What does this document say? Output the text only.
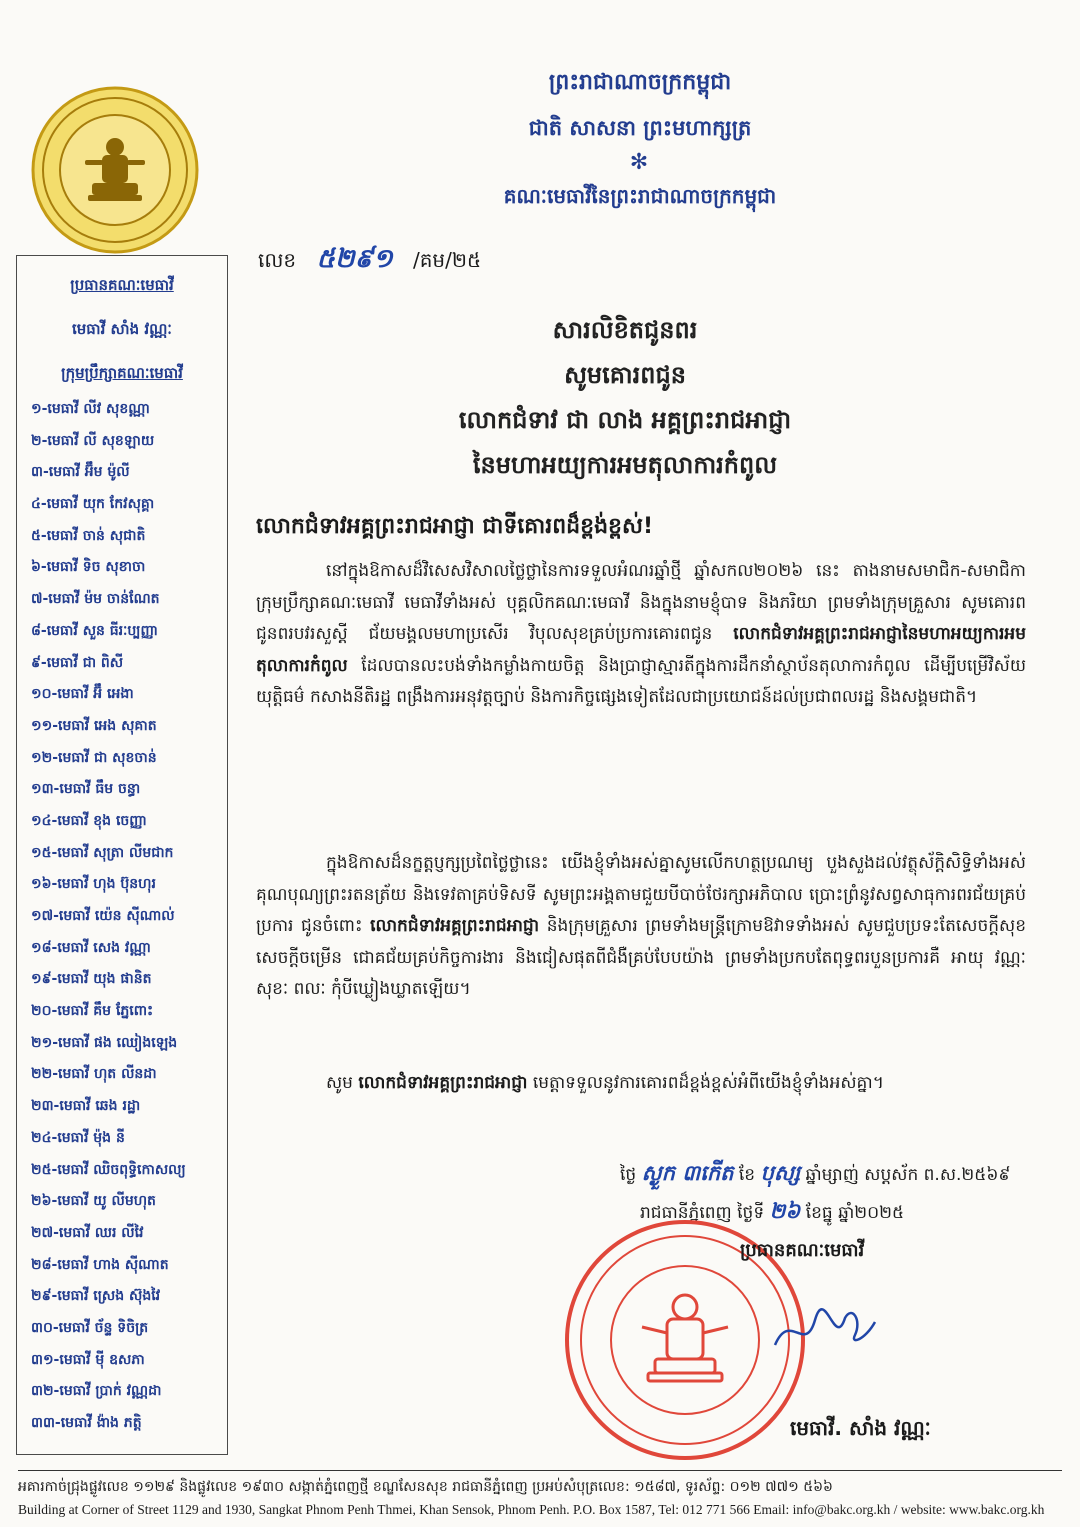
ព្រះរាជាណាចក្រកម្ពុជា
ជាតិ សាសនា ព្រះមហាក្សត្រ
✻
គណៈមេធាវីនៃព្រះរាជាណាចក្រកម្ពុជា
ប្រធានគណៈមេធាវី
មេធាវី សាំង វណ្ណៈ
ក្រុមប្រឹក្សាគណៈមេធាវី
១-មេធាវី លីវ សុខណ្ណា
២-មេធាវី លី សុខឡាយ
៣-មេធាវី អ៊ឹម ម៉ូលី
៤-មេធាវី យុក កែវសុគ្គា
៥-មេធាវី ចាន់ សុជាតិ
៦-មេធាវី ទិច សុខាចា
៧-មេធាវី ម៉ម ចាន់ណែត
៨-មេធាវី សួន ធីរៈប្បញ្ញា
៩-មេធាវី ជា ពិសី
១០-មេធាវី អ៊ឹ អេងា
១១-មេធាវី អេង សុគាត
១២-មេធាវី ជា សុខចាន់
១៣-មេធាវី ធឹម ចន្ធា
១៤-មេធាវី ខុង ចេញ្ញា
១៥-មេធាវី សុត្រា លីមជាក
១៦-មេធាវី ហុង ប៊ុនហុរ
១៧-មេធាវី យ៉េន ស៊ីណាល់
១៨-មេធាវី សេង វណ្ណា
១៩-មេធាវី យុង ផានិត
២០-មេធាវី គឹម ភ្នែពោះ
២១-មេធាវី ផង ឈៀងឡេង
២២-មេធាវី ហុត លីនដា
២៣-មេធាវី ឆេង រដ្ឋា
២៤-មេធាវី ម៉ុង នី
២៥-មេធាវី ឈិចពុទ្ធិកោសល្យ
២៦-មេធាវី យូ លីមហុត
២៧-មេធាវី ឈរ លីវៃ
២៨-មេធាវី ហាង ស៊ីណាត
២៩-មេធាវី ស្រេង ស៊ុងវៃ
៣០-មេធាវី ច័ន្ទ ទិចិត្រ
៣១-មេធាវី ម៉ី ឧសភា
៣២-មេធាវី ប្រាក់ វណ្ណដា
៣៣-មេធាវី ង៉ាង ភត្តិ
លេខ ៥២៩១ /គម/២៥
សារលិខិតជូនពរ
សូមគោរពជូន
លោកជំទាវ ជា លាង អគ្គព្រះរាជអាជ្ញា
នៃមហាអយ្យការអមតុលាការកំពូល
លោកជំទាវអគ្គព្រះរាជអាជ្ញា ជាទីគោរពដ៏ខ្ពង់ខ្ពស់!
នៅក្នុងឱកាសដ៏វិសេសវិសាលថ្លៃថ្លានៃការទទួលអំណរឆ្នាំថ្មី ឆ្នាំសកល២០២៦ នេះ តាងនាមសមាជិក-សមាជិកាក្រុមប្រឹក្សាគណៈមេធាវី មេធាវីទាំងអស់ បុគ្គលិកគណៈមេធាវី និងក្នុងនាមខ្ញុំបាទ និងភរិយា ព្រមទាំងក្រុមគ្រួសារ សូមគោរពជូនពរបវរសួស្តី ជ័យមង្គលមហាប្រសើរ វិបុលសុខគ្រប់ប្រការគោរពជូន លោកជំទាវអគ្គព្រះរាជអាជ្ញានៃមហាអយ្យការអមតុលាការកំពូល ដែលបានលះបង់ទាំងកម្លាំងកាយចិត្ត និងប្រាជ្ញាស្មារតីក្នុងការដឹកនាំស្ថាប័នតុលាការកំពូល ដើម្បីបម្រើវិស័យយុត្តិធម៌ កសាងនីតិរដ្ឋ ពង្រឹងការអនុវត្តច្បាប់ និងការកិច្ចផ្សេងទៀតដែលជាប្រយោជន៍ដល់ប្រជាពលរដ្ឋ និងសង្គមជាតិ។
ក្នុងឱកាសដ៏នក្ខត្តប្ញក្សប្រពៃថ្លៃថ្លានេះ យើងខ្ញុំទាំងអស់គ្នាសូមលើកហត្ថប្រណម្យ បួងសួងដល់វត្ថុស័ក្តិសិទ្ធិទាំងអស់ គុណបុណ្យព្រះរតនត្រ័យ និងទេវតាគ្រប់ទិសទី សូមព្រះអង្គតាមជួយបីបាច់ថែរក្សាអភិបាល ប្រោះព្រំនូវសព្វសាធុការពរជ័យគ្រប់ប្រការ ជូនចំពោះ លោកជំទាវអគ្គព្រះរាជអាជ្ញា និងក្រុមគ្រួសារ ព្រមទាំងមន្ត្រីក្រោមឱវាទទាំងអស់ សូមជួបប្រទះតែសេចក្តីសុខ សេចក្តីចម្រើន ជោគជ័យគ្រប់កិច្ចការងារ និងជៀសផុតពីជំងឺគ្រប់បែបយ៉ាង ព្រមទាំងប្រកបតែពុទ្ធពរបួនប្រការគឺ អាយុ វណ្ណៈ សុខៈ ពលៈ កុំបីឃ្លៀងឃ្លាតឡើយ។
សូម លោកជំទាវអគ្គព្រះរាជអាជ្ញា មេត្តាទទួលនូវការគោរពដ៏ខ្ពង់ខ្ពស់អំពីយើងខ្ញុំទាំងអស់គ្នា។
ថ្ងៃ ស្ងួក ៣កើត ខែ បុស្ស ឆ្នាំម្សាញ់ សប្តស័ក ព.ស.២៥៦៩
រាជធានីភ្នំពេញ ថ្ងៃទី ២៦ ខែធ្នូ ឆ្នាំ២០២៥
ប្រធានគណៈមេធាវី
មេធាវី. សាំង វណ្ណៈ
អគារកាច់ជ្រុងផ្លូវលេខ ១១២៩ និងផ្លូវលេខ ១៩៣០ សង្កាត់ភ្នំពេញថ្មី ខណ្ឌសែនសុខ រាជធានីភ្នំពេញ ប្រអប់សំបុត្រលេខ: ១៥៨៧, ទូរស័ព្ទ: ០១២ ៧៧១ ៥៦៦
Building at Corner of Street 1129 and 1930, Sangkat Phnom Penh Thmei, Khan Sensok, Phnom Penh. P.O. Box 1587, Tel: 012 771 566 Email: info@bakc.org.kh / website: www.bakc.org.kh
